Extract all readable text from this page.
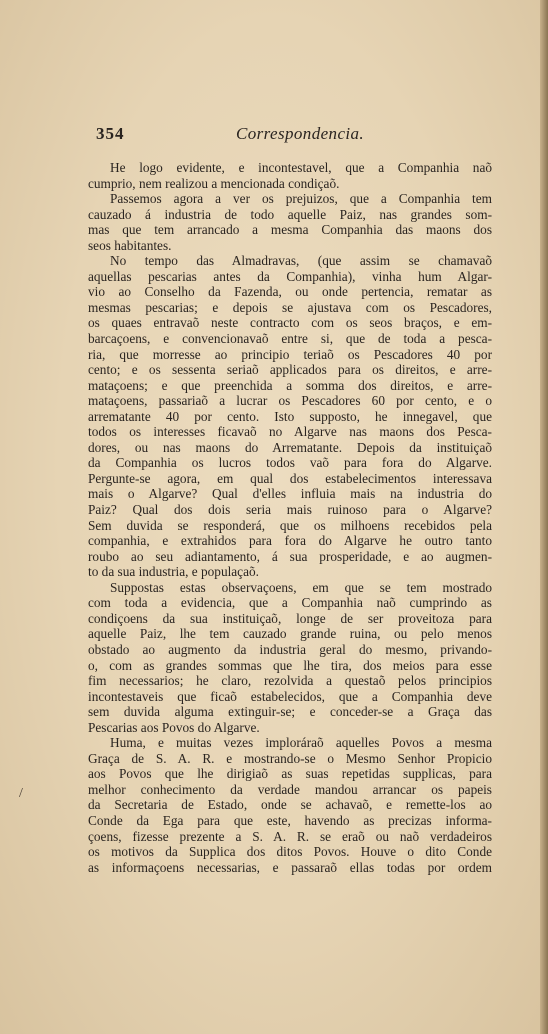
354	Correspondencia.
/
He logo evidente, e incontestavel, que a Companhia naõ
cumprio, nem realizou a mencionada condiçaõ.
Passemos agora a ver os prejuizos, que a Companhia tem
cauzado á industria de todo aquelle Paiz, nas grandes som-
mas que tem arrancado a mesma Companhia das maons dos
seos habitantes.
No tempo das Almadravas, (que assim se chamavaõ
aquellas pescarias antes da Companhia), vinha hum Algar-
vio ao Conselho da Fazenda, ou onde pertencia, rematar as
mesmas pescarias; e depois se ajustava com os Pescadores,
os quaes entravaõ neste contracto com os seos braços, e em-
barcaçoens, e convencionavaõ entre si, que de toda a pesca-
ria, que morresse ao principio teriaõ os Pescadores 40 por
cento; e os sessenta seriaõ applicados para os direitos, e arre-
mataçoens; e que preenchida a somma dos direitos, e arre-
mataçoens, passariaõ a lucrar os Pescadores 60 por cento, e o
arrematante 40 por cento. Isto supposto, he innegavel, que
todos os interesses ficavaõ no Algarve nas maons dos Pesca-
dores, ou nas maons do Arrematante. Depois da instituiçaõ
da Companhia os lucros todos vaõ para fora do Algarve.
Pergunte-se agora, em qual dos estabelecimentos interessava
mais o Algarve? Qual d'elles influia mais na industria do
Paiz? Qual dos dois seria mais ruinoso para o Algarve?
Sem duvida se responderá, que os milhoens recebidos pela
companhia, e extrahidos para fora do Algarve he outro tanto
roubo ao seu adiantamento, á sua prosperidade, e ao augmen-
to da sua industria, e populaçaõ.
Suppostas estas observaçoens, em que se tem mostrado
com toda a evidencia, que a Companhia naõ cumprindo as
condiçoens da sua instituiçaõ, longe de ser proveitoza para
aquelle Paiz, lhe tem cauzado grande ruina, ou pelo menos
obstado ao augmento da industria geral do mesmo, privando-
o, com as grandes sommas que lhe tira, dos meios para esse
fim necessarios; he claro, rezolvida a questaõ pelos principios
incontestaveis que ficaõ estabelecidos, que a Companhia deve
sem duvida alguma extinguir-se; e conceder-se a Graça das
Pescarias aos Povos do Algarve.
Huma, e muitas vezes imploráraõ aquelles Povos a mesma
Graça de S. A. R. e mostrando-se o Mesmo Senhor Propicio
aos Povos que lhe dirigiaõ as suas repetidas supplicas, para
melhor conhecimento da verdade mandou arrancar os papeis
da Secretaria de Estado, onde se achavaõ, e remette-los ao
Conde da Ega para que este, havendo as precizas informa-
çoens, fizesse prezente a S. A. R. se eraõ ou naõ verdadeiros
os motivos da Supplica dos ditos Povos. Houve o dito Conde
as informaçoens necessarias, e passaraõ ellas todas por ordem
